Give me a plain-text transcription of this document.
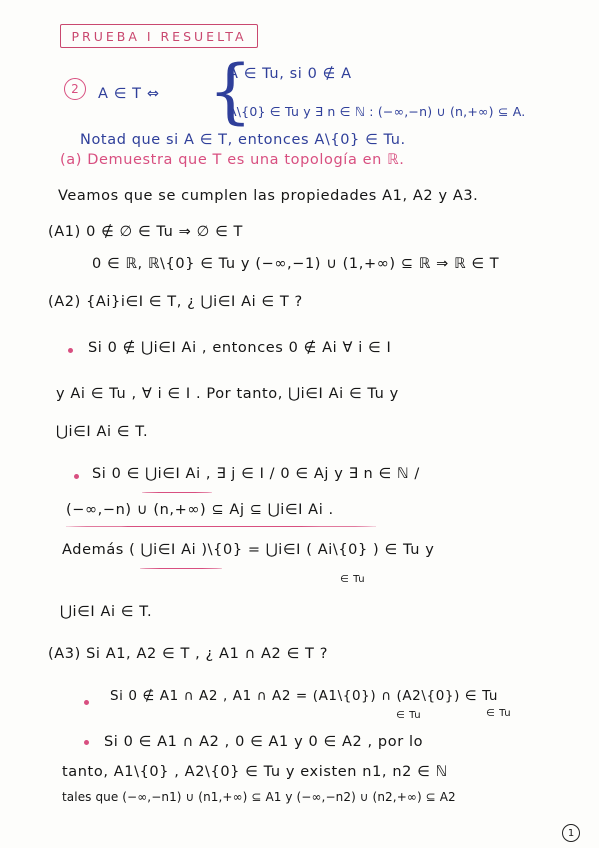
PRUEBA I RESUELTA
2	A ∈ T ⇔ {
A ∈ Tu, si 0 ∉ A
A\{0} ∈ Tu y ∃ n ∈ ℕ : (−∞,−n) ∪ (n,+∞) ⊆ A.
Notad que si A ∈ T, entonces A\{0} ∈ Tu.
(a) Demuestra que T es una topología en ℝ.
Veamos que se cumplen las propiedades A1, A2 y A3.
(A1) 0 ∉ ∅ ∈ Tu ⇒ ∅ ∈ T
0 ∈ ℝ, ℝ\{0} ∈ Tu y (−∞,−1) ∪ (1,+∞) ⊆ ℝ ⇒ ℝ ∈ T
(A2) {Ai}i∈I ∈ T, ¿ ⋃i∈I Ai ∈ T ?
Si 0 ∉ ⋃i∈I Ai , entonces 0 ∉ Ai ∀ i ∈ I
y Ai ∈ Tu , ∀ i ∈ I . Por tanto, ⋃i∈I Ai ∈ Tu y
⋃i∈I Ai ∈ T.
Si 0 ∈ ⋃i∈I Ai , ∃ j ∈ I / 0 ∈ Aj y ∃ n ∈ ℕ /
(−∞,−n) ∪ (n,+∞) ⊆ Aj ⊆ ⋃i∈I Ai .
Además ( ⋃i∈I Ai )\{0} = ⋃i∈I ( Ai\{0} ) ∈ Tu y
∈ Tu
⋃i∈I Ai ∈ T.
(A3) Si A1, A2 ∈ T , ¿ A1 ∩ A2 ∈ T ?
Si 0 ∉ A1 ∩ A2 , A1 ∩ A2 = (A1\{0}) ∩ (A2\{0}) ∈ Tu
∈ Tu	∈ Tu
Si 0 ∈ A1 ∩ A2 , 0 ∈ A1 y 0 ∈ A2 , por lo
tanto, A1\{0} , A2\{0} ∈ Tu y existen n1, n2 ∈ ℕ
tales que (−∞,−n1) ∪ (n1,+∞) ⊆ A1 y (−∞,−n2) ∪ (n2,+∞) ⊆ A2
1
